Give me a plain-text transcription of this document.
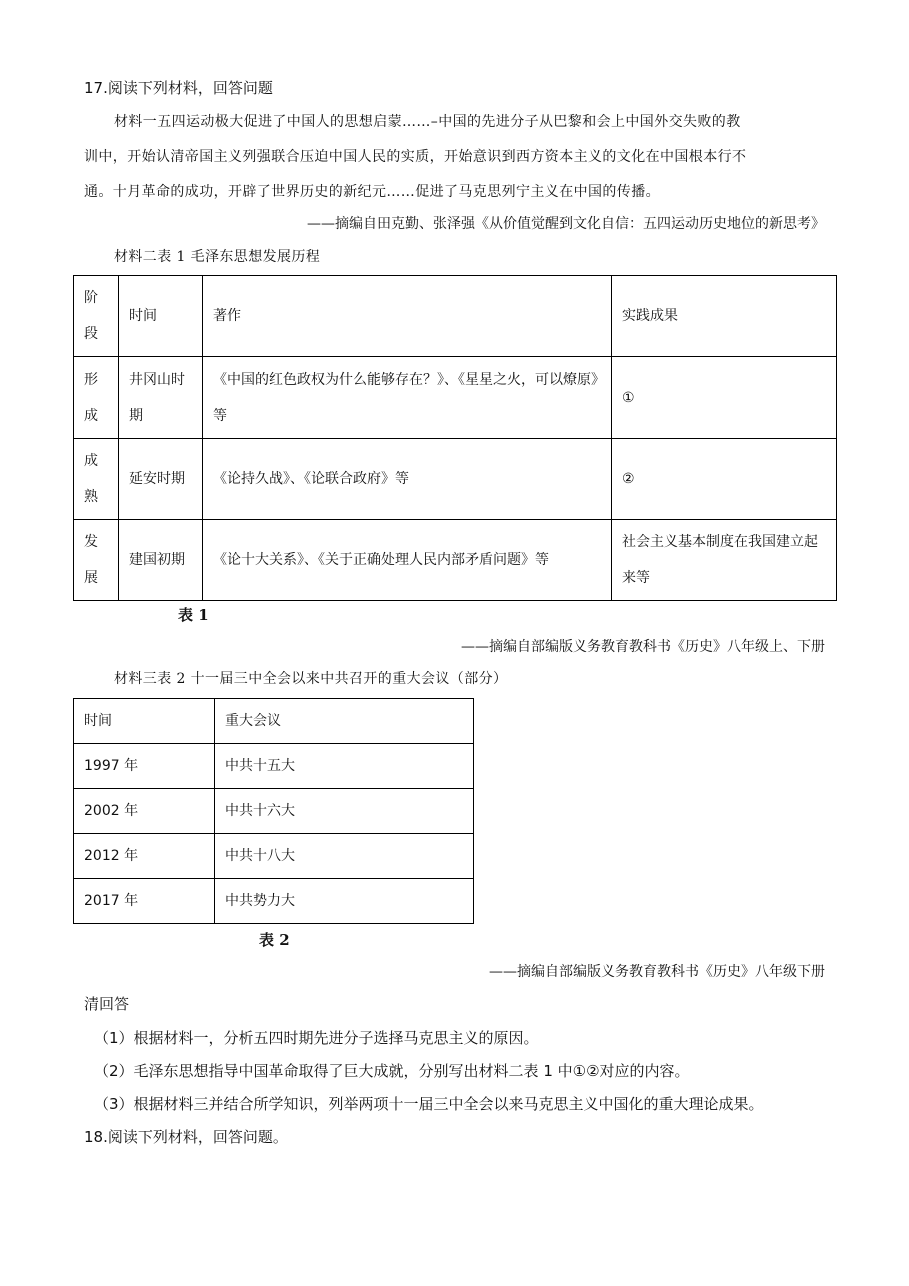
17.阅读下列材料，回答问题
材料一五四运动极大促进了中国人的思想启蒙……–中国的先进分子从巴黎和会上中国外交失败的教
训中，开始认清帝国主义列强联合压迫中国人民的实质，开始意识到西方资本主义的文化在中国根本行不
通。十月革命的成功，开辟了世界历史的新纪元……促进了马克思列宁主义在中国的传播。
——摘编自田克勤、张泽强《从价值觉醒到文化自信：五四运动历史地位的新思考》
材料二表 1 毛泽东思想发展历程
阶段	时间	著作	实践成果
形成	井冈山时期	《中国的红色政权为什么能够存在？》、《星星之火，可以燎原》等	①
成熟	延安时期	《论持久战》、《论联合政府》等	②
发展	建国初期	《论十大关系》、《关于正确处理人民内部矛盾问题》等	社会主义基本制度在我国建立起来等
表 1
——摘编自部编版义务教育教科书《历史》八年级上、下册
材料三表 2 十一届三中全会以来中共召开的重大会议（部分）
时间	重大会议
1997 年	中共十五大
2002 年	中共十六大
2012 年	中共十八大
2017 年	中共势力大
表 2
——摘编自部编版义务教育教科书《历史》八年级下册
清回答
（1）根据材料一，分析五四时期先进分子选择马克思主义的原因。
（2）毛泽东思想指导中国革命取得了巨大成就，分别写出材料二表 1 中①②对应的内容。
（3）根据材料三并结合所学知识，列举两项十一届三中全会以来马克思主义中国化的重大理论成果。
18.阅读下列材料，回答问题。
